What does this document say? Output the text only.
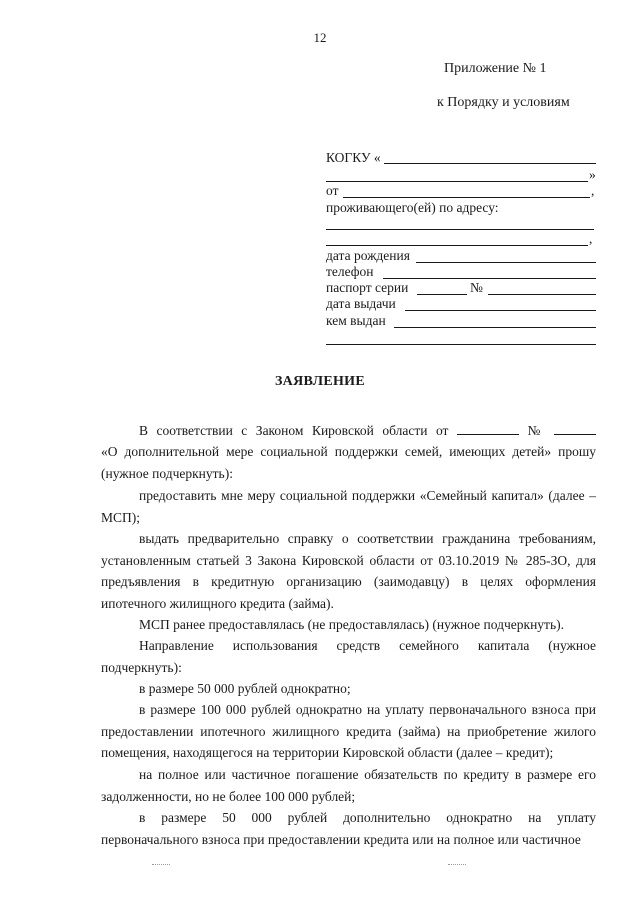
12
Приложение № 1
к Порядку и условиям
КОГКУ «
»
от	,
проживающего(ей) по адресу:
,
дата рождения
телефон
паспорт серии	№
дата выдачи
кем выдан
ЗАЯВЛЕНИЕ
В соответствии с Законом Кировской области от	№
«О дополнительной мере социальной поддержки семей, имеющих детей» прошу (нужное подчеркнуть):
предоставить мне меру социальной поддержки «Семейный капитал» (далее – МСП);
выдать предварительно справку о соответствии гражданина требованиям, установленным статьей 3 Закона Кировской области от 03.10.2019 № 285-ЗО, для предъявления в кредитную организацию (заимодавцу) в целях оформления ипотечного жилищного кредита (займа).
МСП ранее предоставлялась (не предоставлялась) (нужное подчеркнуть).
Направление использования средств семейного капитала (нужное подчеркнуть):
в размере 50 000 рублей однократно;
в размере 100 000 рублей однократно на уплату первоначального взноса при предоставлении ипотечного жилищного кредита (займа) на приобретение жилого помещения, находящегося на территории Кировской области (далее – кредит);
на полное или частичное погашение обязательств по кредиту в размере его задолженности, но не более 100 000 рублей;
в размере 50 000 рублей дополнительно однократно на уплату первоначального взноса при предоставлении кредита или на полное или частичное
